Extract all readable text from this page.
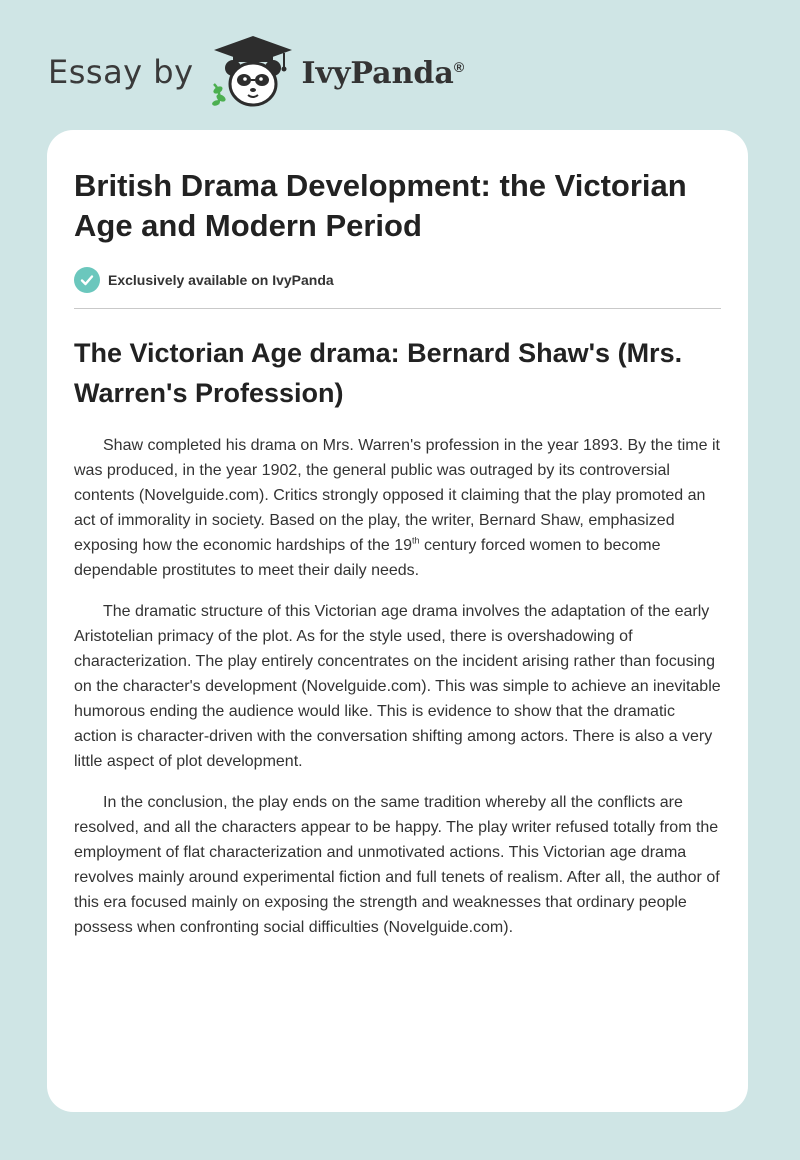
Essay by	IvyPanda®
British Drama Development: the Victorian Age and Modern Period
Exclusively available on IvyPanda
The Victorian Age drama: Bernard Shaw's (Mrs. Warren's Profession)

Shaw completed his drama on Mrs. Warren's profession in the year 1893. By the time it was produced, in the year 1902, the general public was outraged by its controversial contents (Novelguide.com). Critics strongly opposed it claiming that the play promoted an act of immorality in society. Based on the play, the writer, Bernard Shaw, emphasized exposing how the economic hardships of the 19th century forced women to become dependable prostitutes to meet their daily needs.

The dramatic structure of this Victorian age drama involves the adaptation of the early Aristotelian primacy of the plot. As for the style used, there is overshadowing of characterization. The play entirely concentrates on the incident arising rather than focusing on the character's development (Novelguide.com). This was simple to achieve an inevitable humorous ending the audience would like. This is evidence to show that the dramatic action is character-driven with the conversation shifting among actors. There is also a very little aspect of plot development.

In the conclusion, the play ends on the same tradition whereby all the conflicts are resolved, and all the characters appear to be happy. The play writer refused totally from the employment of flat characterization and unmotivated actions. This Victorian age drama revolves mainly around experimental fiction and full tenets of realism. After all, the author of this era focused mainly on exposing the strength and weaknesses that ordinary people possess when confronting social difficulties (Novelguide.com).
